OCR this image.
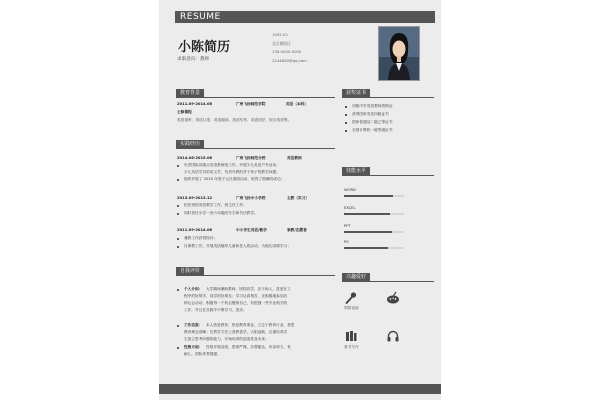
RESUME
小陈简历
求职意向：教师
1992.03
北京朝阳区
138-0000-0000
2244800@qq.com
教育背景
2011.09-2014.06	广州飞扬师范学院	英语（本科）
主修课程
英语视听、英语口语、英语阅读、英语写作、英语语法、综合英语等。
实践经历
2014.06-2015.06	广州飞扬师范分校	英语教师
负责国际部重点英语教研组工作，开展少儿英语户外活动，
少儿英语学员的英文学，负责外教的对于孩子的教学问题；
组织开展了 2015 年度子元旦游园活动，取得了圆满的成功。
2013.09-2013.12	广州飞扬中小学校	主教（实习）
担任班的英语教学工作，班主任工作；
同时担任小学一至六年级的写字和书法教学。
2011.09-2014.06	中小学生英语/数学	家教/志愿者
兼教工作获得经评；
自律教工作，开展英语辅导儿童和老人的活动，为他们讲课学习；
自我评价
个人介绍： 大学期间兼职教师，团结同学，乐于助人，喜爱在工
程序的好帮手，同学的好朋友；学习认真刻苦，还积极地参加各
种社会活动，积极每一个机会锻炼自己，有很强一些专业相关的
工作，并且在实践中不断学习、进步。
工作态度： 本人热爱教育，热爱教育事业，立志于教育行业，善思
教育理念清晰；在教学方法上善教善学，大胆创新，注重培养学
生独立思考问题的能力，开始培养的创造性及未来。
性格方面： 性格开朗活泼，思维严谨，乐观豁达，有亲和力，有
耐心，团队荣誉感强。
获奖证书
初级中学英语教师资格证
获得国家英语四级证书
国家普通话二级乙等证书
全国计算机一级等级证书
技能水平
WORD
EXCEL
PPT
PS
兴趣爱好
唱歌表演
看书写作
